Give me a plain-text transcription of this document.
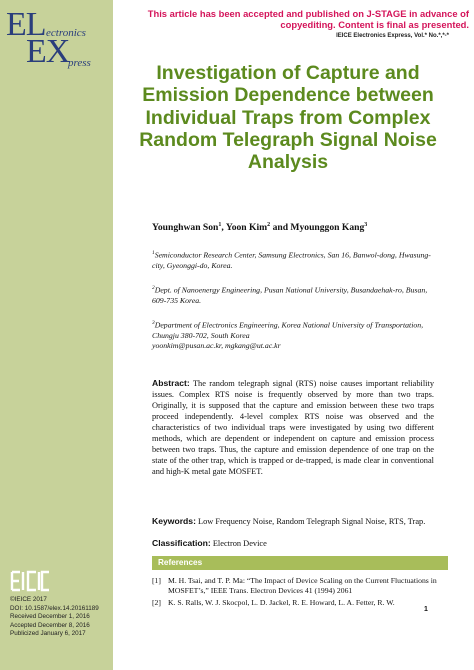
EL ectronics
EX
press
©IEICE 2017
DOI: 10.1587/elex.14.20161189
Received December 1, 2016
Accepted December 8, 2016
Publicized January 6, 2017
This article has been accepted and published on J-STAGE in advance of copyediting. Content is final as presented.
IEICE Electronics Express, Vol.* No.*,*-*
Investigation of Capture and Emission Dependence between Individual Traps from Complex Random Telegraph Signal Noise Analysis
Younghwan Son$^1$, Yoon Kim$^2$ and Myounggon Kang$^3$
$^1$Semiconductor Research Center, Samsung Electronics, San 16, Banwol-dong, Hwasung-city, Gyeonggi-do, Korea.
$^2$Dept. of Nanoenergy Engineering, Pusan National University, Busandaehak-ro, Busan, 609-735 Korea.
$^3$Department of Electronics Engineering, Korea National University of Transportation, Chungju 380-702, South Korea
yoonkim@pusan.ac.kr, mgkang@ut.ac.kr
Abstract: The random telegraph signal (RTS) noise causes important reliability issues. Complex RTS noise is frequently observed by more than two traps. Originally, it is supposed that the capture and emission between these two traps proceed independently. 4-level complex RTS noise was observed and the characteristics of two individual traps were investigated by using two different methods, which are dependent or independent on capture and emission process between two traps. Thus, the capture and emission dependence of one trap on the state of the other trap, which is trapped or de-trapped, is made clear in conventional and high-K metal gate MOSFET.
Keywords: Low Frequency Noise, Random Telegraph Signal Noise, RTS, Trap.
Classification: Electron Device
References
[1] M. H. Tsai, and T. P. Ma: “The Impact of Device Scaling on the Current Fluctuations in MOSFET’s,” IEEE Trans. Electron Devices 41 (1994) 2061
[2] K. S. Ralls, W. J. Skocpol, L. D. Jackel, R. E. Howard, L. A. Fetter, R. W.
1
